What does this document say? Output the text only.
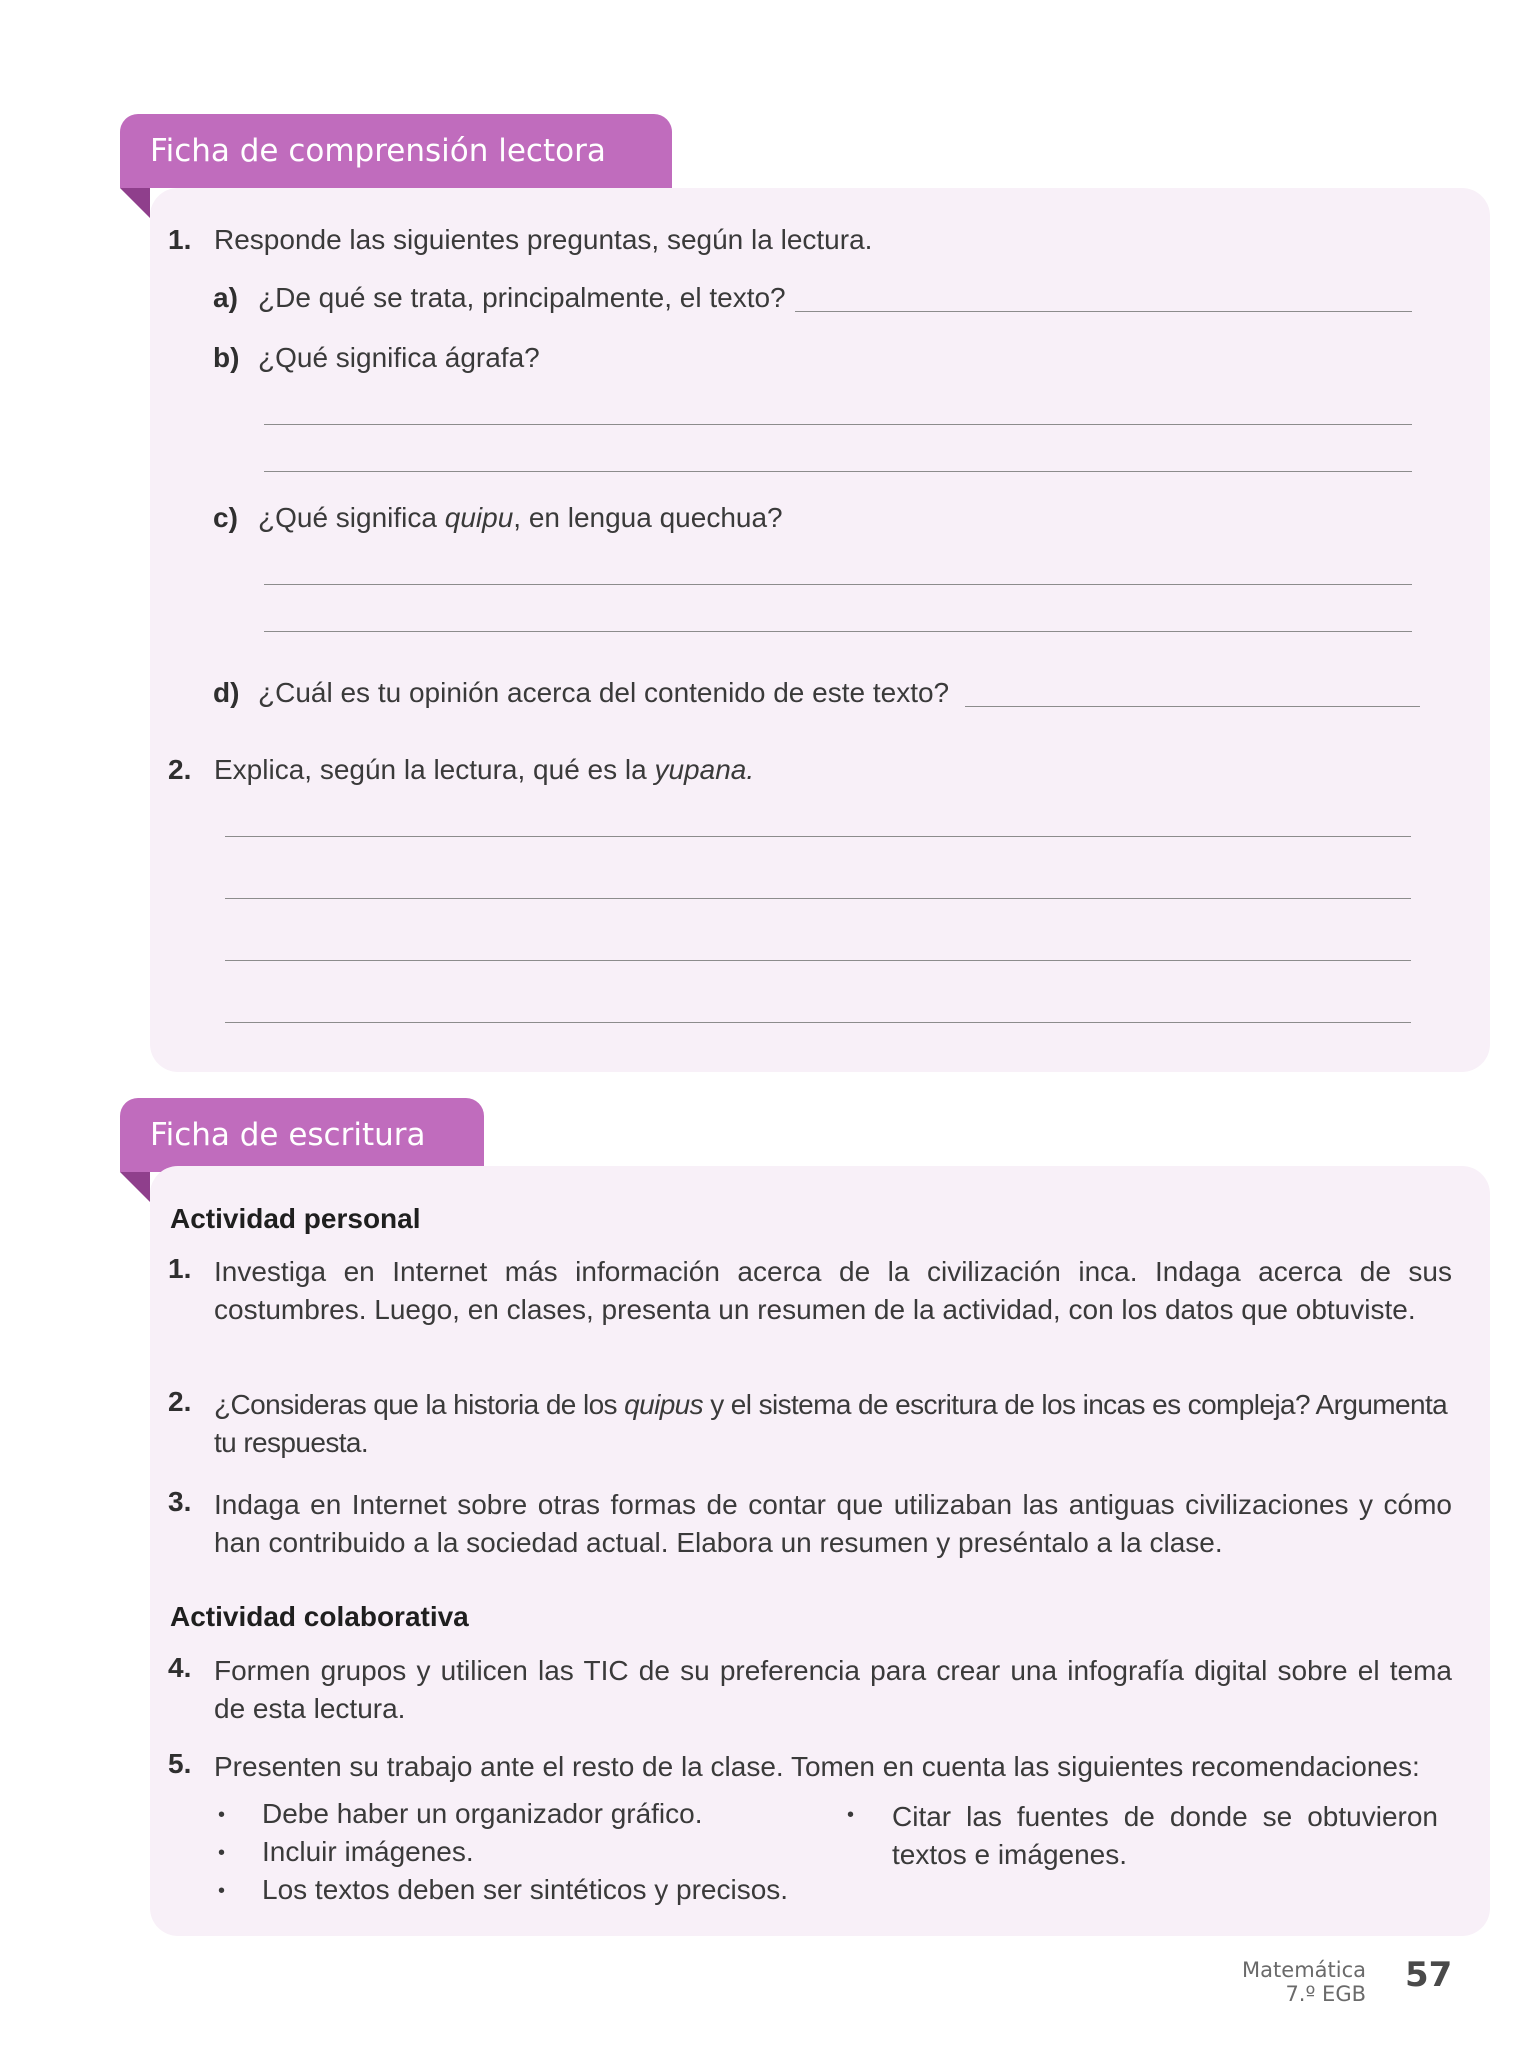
Ficha de comprensión lectora
1. Responde las siguientes preguntas, según la lectura.
a) ¿De qué se trata, principalmente, el texto?
b) ¿Qué significa ágrafa?
c) ¿Qué significa quipu, en lengua quechua?
d) ¿Cuál es tu opinión acerca del contenido de este texto?
2. Explica, según la lectura, qué es la yupana.
Ficha de escritura
Actividad personal
1. Investiga en Internet más información acerca de la civilización inca. Indaga acerca de sus costumbres. Luego, en clases, presenta un resumen de la actividad, con los datos que obtuviste.
2. ¿Consideras que la historia de los quipus y el sistema de escritura de los incas es compleja? Argumenta tu respuesta.
3. Indaga en Internet sobre otras formas de contar que utilizaban las antiguas civilizaciones y cómo han contribuido a la sociedad actual. Elabora un resumen y preséntalo a la clase.
Actividad colaborativa
4. Formen grupos y utilicen las TIC de su preferencia para crear una infografía digital sobre el tema de esta lectura.
5. Presenten su trabajo ante el resto de la clase. Tomen en cuenta las siguientes recomendaciones:
• Debe haber un organizador gráfico.
• Incluir imágenes.
• Los textos deben ser sintéticos y precisos.
• Citar las fuentes de donde se obtuvieron textos e imágenes.
Matemática
7.º EGB 57
